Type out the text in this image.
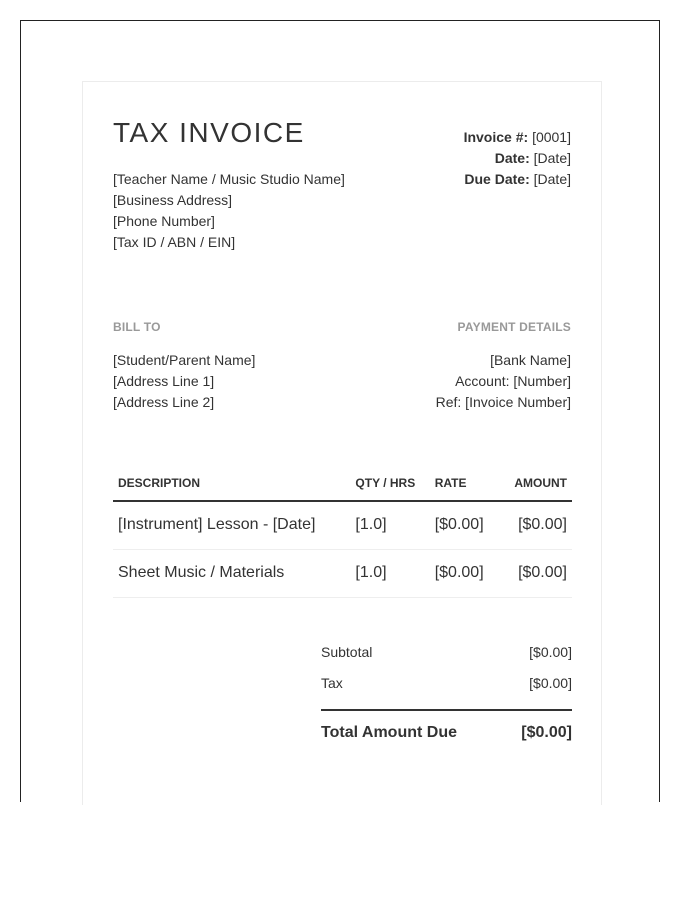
TAX INVOICE	Invoice #: [0001]
Date: [Date]
Due Date: [Date]
[Teacher Name / Music Studio Name]
[Business Address]
[Phone Number]
[Tax ID / ABN / EIN]
BILL TO	PAYMENT DETAILS
[Student/Parent Name]
[Address Line 1]
[Address Line 2]
[Bank Name]
Account: [Number]
Ref: [Invoice Number]
DESCRIPTION	QTY / HRS	RATE	AMOUNT
[Instrument] Lesson - [Date]	[1.0]	[$0.00]	[$0.00]
Sheet Music / Materials	[1.0]	[$0.00]	[$0.00]
Subtotal	[$0.00]
Tax	[$0.00]
Total Amount Due	[$0.00]
